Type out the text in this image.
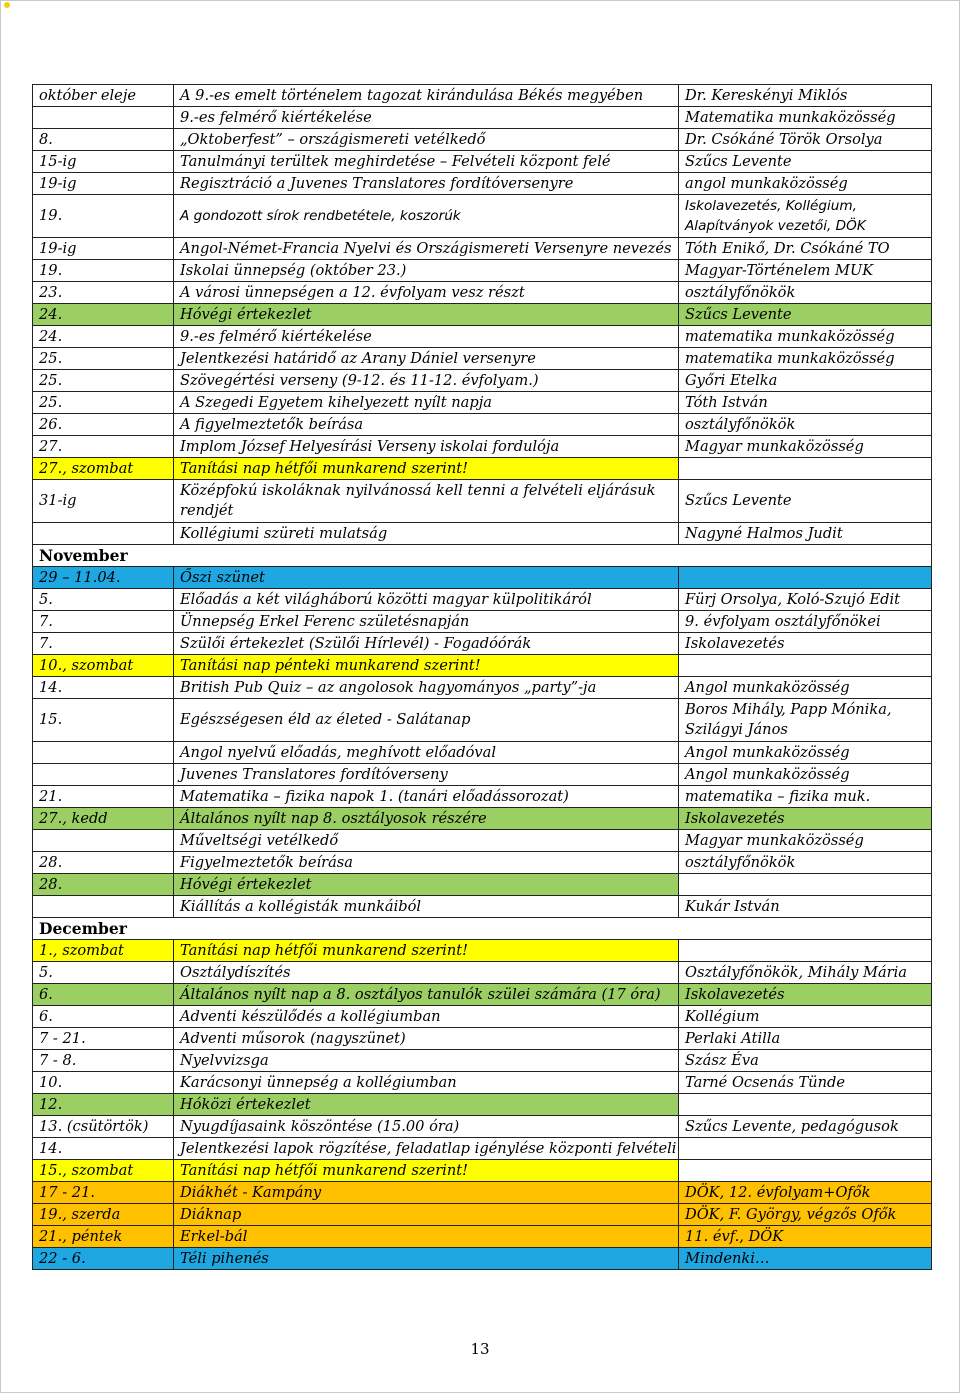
október eleje	A 9.-es emelt történelem tagozat kirándulása Békés megyében	Dr. Kereskényi Miklós
	9.-es felmérő kiértékelése	Matematika munkaközösség
8.	„Oktoberfest” – országismereti vetélkedő	Dr. Csókáné Török Orsolya
15-ig	Tanulmányi terültek meghirdetése – Felvételi központ felé	Szűcs Levente
19-ig	Regisztráció a Juvenes Translatores fordítóversenyre	angol munkaközösség
19.	A gondozott sírok rendbetétele, koszorúk	Iskolavezetés, Kollégium, Alapítványok vezetői, DÖK
19-ig	Angol-Német-Francia Nyelvi és Országismereti Versenyre nevezés	Tóth Enikő, Dr. Csókáné TO
19.	Iskolai ünnepség (október 23.)	Magyar-Történelem MUK
23.	A városi ünnepségen a 12. évfolyam vesz részt	osztályfőnökök
24.	Hóvégi értekezlet	Szűcs Levente
24.	9.-es felmérő kiértékelése	matematika munkaközösség
25.	Jelentkezési határidő az Arany Dániel versenyre	matematika munkaközösség
25.	Szövegértési verseny (9-12. és 11-12. évfolyam.)	Győri Etelka
25.	A Szegedi Egyetem kihelyezett nyílt napja	Tóth István
26.	A figyelmeztetők beírása	osztályfőnökök
27.	Implom József Helyesírási Verseny iskolai fordulója	Magyar munkaközösség
27., szombat	Tanítási nap hétfői munkarend szerint!	
31-ig	Középfokú iskoláknak nyilvánossá kell tenni a felvételi eljárásuk rendjét	Szűcs Levente
	Kollégiumi szüreti mulatság	Nagyné Halmos Judit
November		
29 – 11.04.	Őszi szünet	
5.	Előadás a két világháború közötti magyar külpolitikáról	Fürj Orsolya, Koló-Szujó Edit
7.	Ünnepség Erkel Ferenc születésnapján	9. évfolyam osztályfőnökei
7.	Szülői értekezlet (Szülői Hírlevél) - Fogadóórák	Iskolavezetés
10., szombat	Tanítási nap pénteki munkarend szerint!	
14.	British Pub Quiz – az angolosok hagyományos „party”-ja	Angol munkaközösség
15.	Egészségesen éld az életed - Salátanap	Boros Mihály, Papp Mónika, Szilágyi János
	Angol nyelvű előadás, meghívott előadóval	Angol munkaközösség
	Juvenes Translatores fordítóverseny	Angol munkaközösség
21.	Matematika – fizika napok 1. (tanári előadássorozat)	matematika – fizika muk.
27., kedd	Általános nyílt nap 8. osztályosok részére	Iskolavezetés
	Műveltségi vetélkedő	Magyar munkaközösség
28.	Figyelmeztetők beírása	osztályfőnökök
28.	Hóvégi értekezlet	
	Kiállítás a kollégisták munkáiból	Kukár István
December		
1., szombat	Tanítási nap hétfői munkarend szerint!	
5.	Osztálydíszítés	Osztályfőnökök, Mihály Mária
6.	Általános nyílt nap a 8. osztályos tanulók szülei számára (17 óra)	Iskolavezetés
6.	Adventi készülődés a kollégiumban	Kollégium
7 - 21.	Adventi műsorok (nagyszünet)	Perlaki Atilla
7 - 8.	Nyelvvizsga	Szász Éva
10.	Karácsonyi ünnepség a kollégiumban	Tarné Ocsenás Tünde
12.	Hóközi értekezlet	
13. (csütörtök)	Nyugdíjasaink köszöntése (15.00 óra)	Szűcs Levente, pedagógusok
14.	Jelentkezési lapok rögzítése, feladatlap igénylése központi felvételi	
15., szombat	Tanítási nap hétfői munkarend szerint!	
17 - 21.	Diákhét - Kampány	DÖK, 12. évfolyam+Ofők
19., szerda	Diáknap	DÖK, F. György, végzős Ofők
21., péntek	Erkel-bál	11. évf., DÖK
22 - 6.	Téli pihenés	Mindenki…
13
